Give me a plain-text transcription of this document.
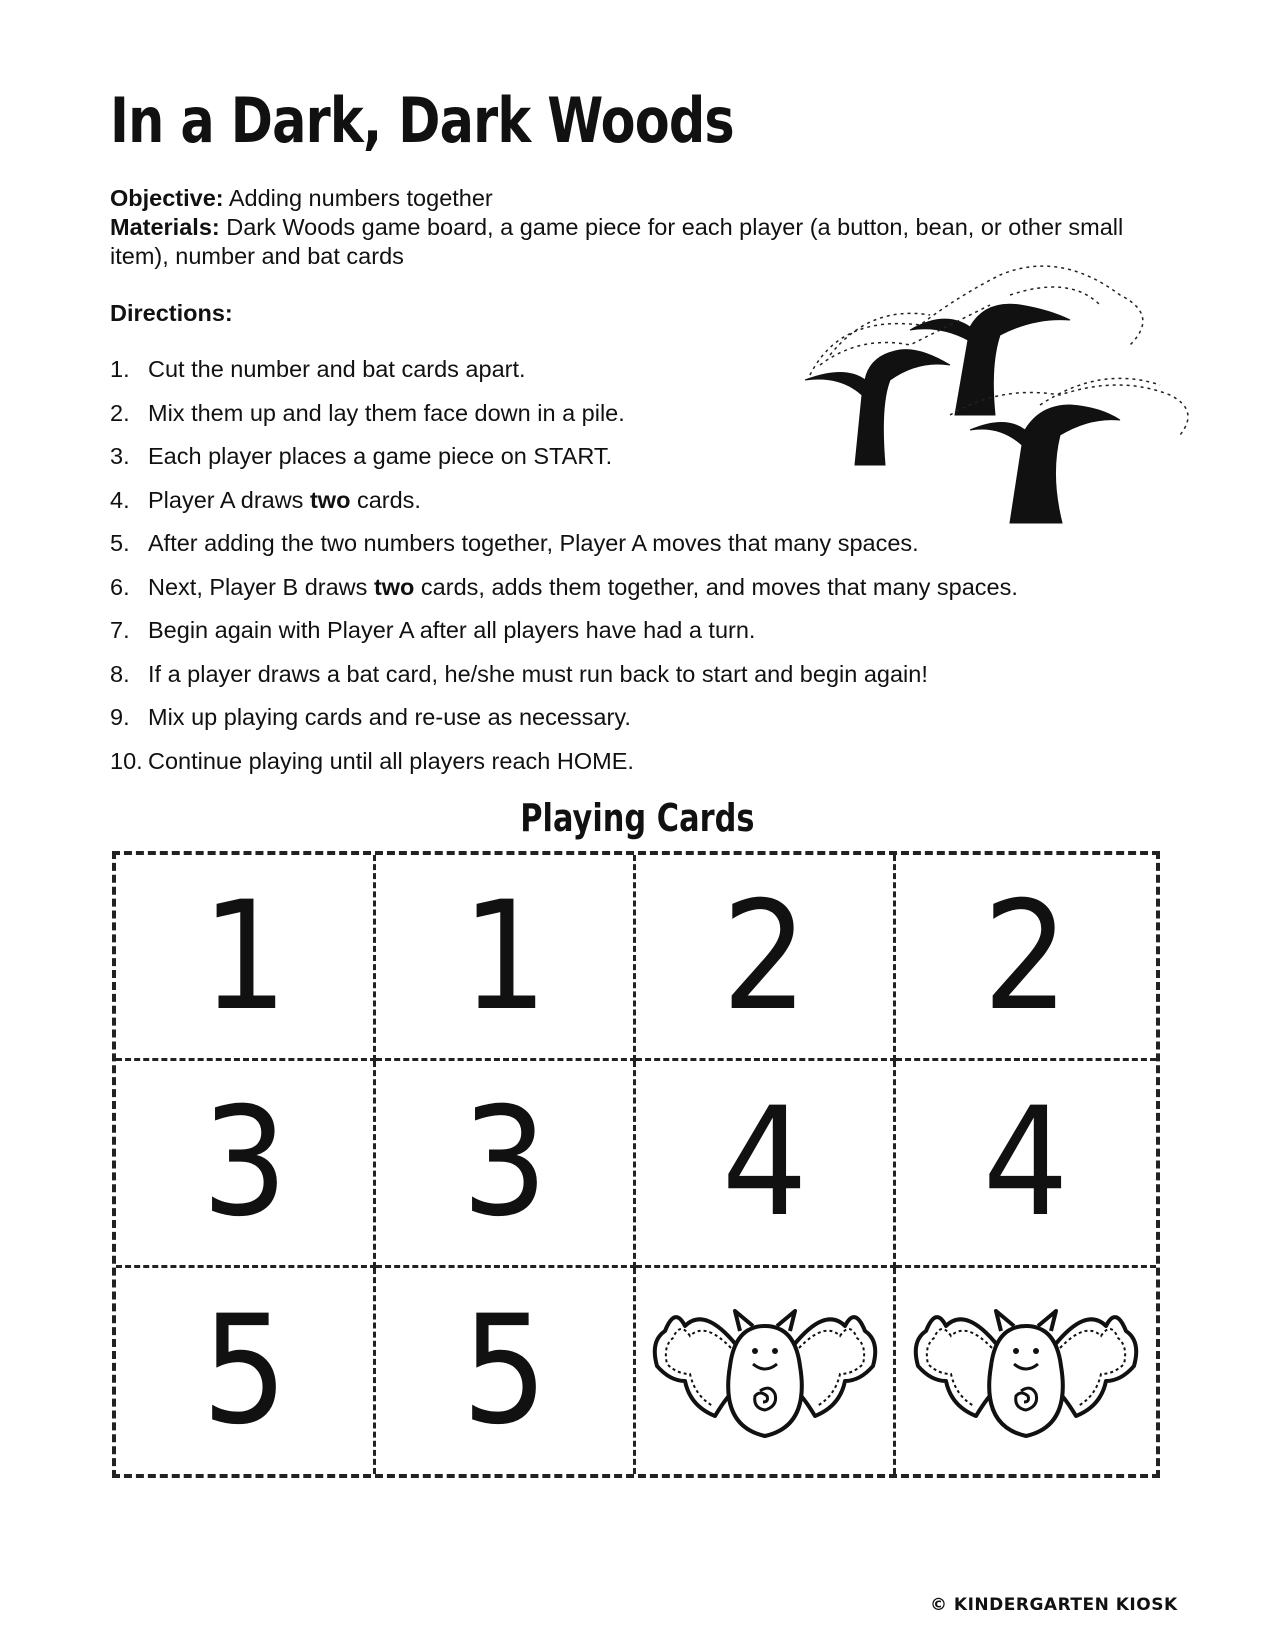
In a Dark, Dark Woods
Objective: Adding numbers together
Materials: Dark Woods game board, a game piece for each player (a button, bean, or other small item), number and bat cards
Directions:
1. Cut the number and bat cards apart.
2. Mix them up and lay them face down in a pile.
3. Each player places a game piece on START.
4. Player A draws two cards.
5. After adding the two numbers together, Player A moves that many spaces.
6. Next, Player B draws two cards, adds them together, and moves that many spaces.
7. Begin again with Player A after all players have had a turn.
8. If a player draws a bat card, he/she must run back to start and begin again!
9. Mix up playing cards and re-use as necessary.
10. Continue playing until all players reach HOME.
Playing Cards
1 1 2 2
3 3 4 4
5 5
© KINDERGARTEN KIOSK
